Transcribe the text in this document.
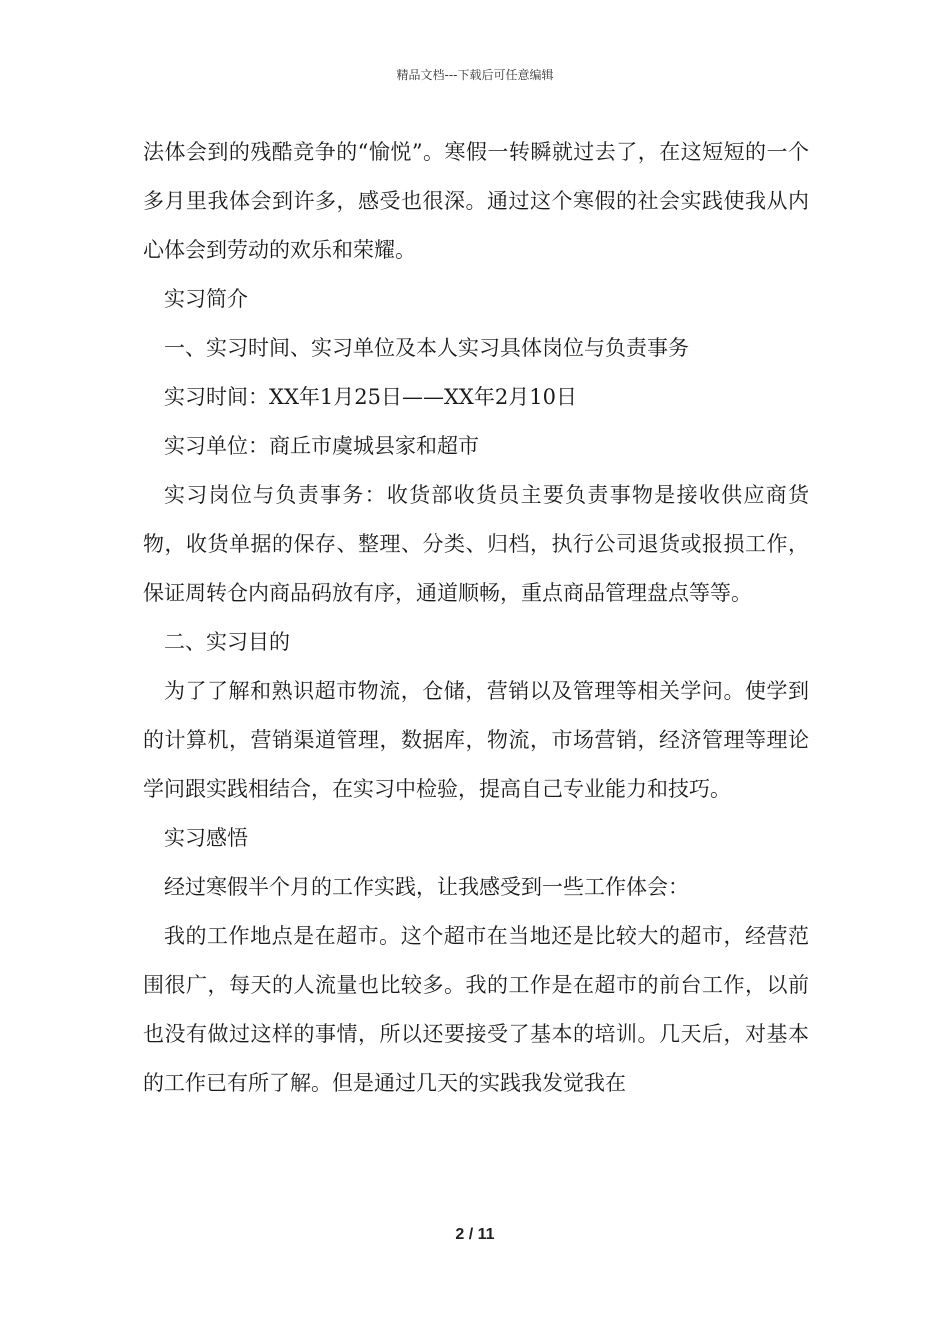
精品文档---下载后可任意编辑

法体会到的残酷竞争的“愉悦”。寒假一转瞬就过去了，在这短短的一个多月里我体会到许多，感受也很深。通过这个寒假的社会实践使我从内心体会到劳动的欢乐和荣耀。

实习简介

一、实习时间、实习单位及本人实习具体岗位与负责事务

实习时间：XX年1月25日——XX年2月10日

实习单位：商丘市虞城县家和超市

实习岗位与负责事务：收货部收货员主要负责事物是接收供应商货物，收货单据的保存、整理、分类、归档，执行公司退货或报损工作，保证周转仓内商品码放有序，通道顺畅，重点商品管理盘点等等。

二、实习目的

为了了解和熟识超市物流，仓储，营销以及管理等相关学问。使学到的计算机，营销渠道管理，数据库，物流，市场营销，经济管理等理论学问跟实践相结合，在实习中检验，提高自己专业能力和技巧。

实习感悟

经过寒假半个月的工作实践，让我感受到一些工作体会：

我的工作地点是在超市。这个超市在当地还是比较大的超市，经营范围很广，每天的人流量也比较多。我的工作是在超市的前台工作，以前也没有做过这样的事情，所以还要接受了基本的培训。几天后，对基本的工作已有所了解。但是通过几天的实践我发觉我在

2 / 11
